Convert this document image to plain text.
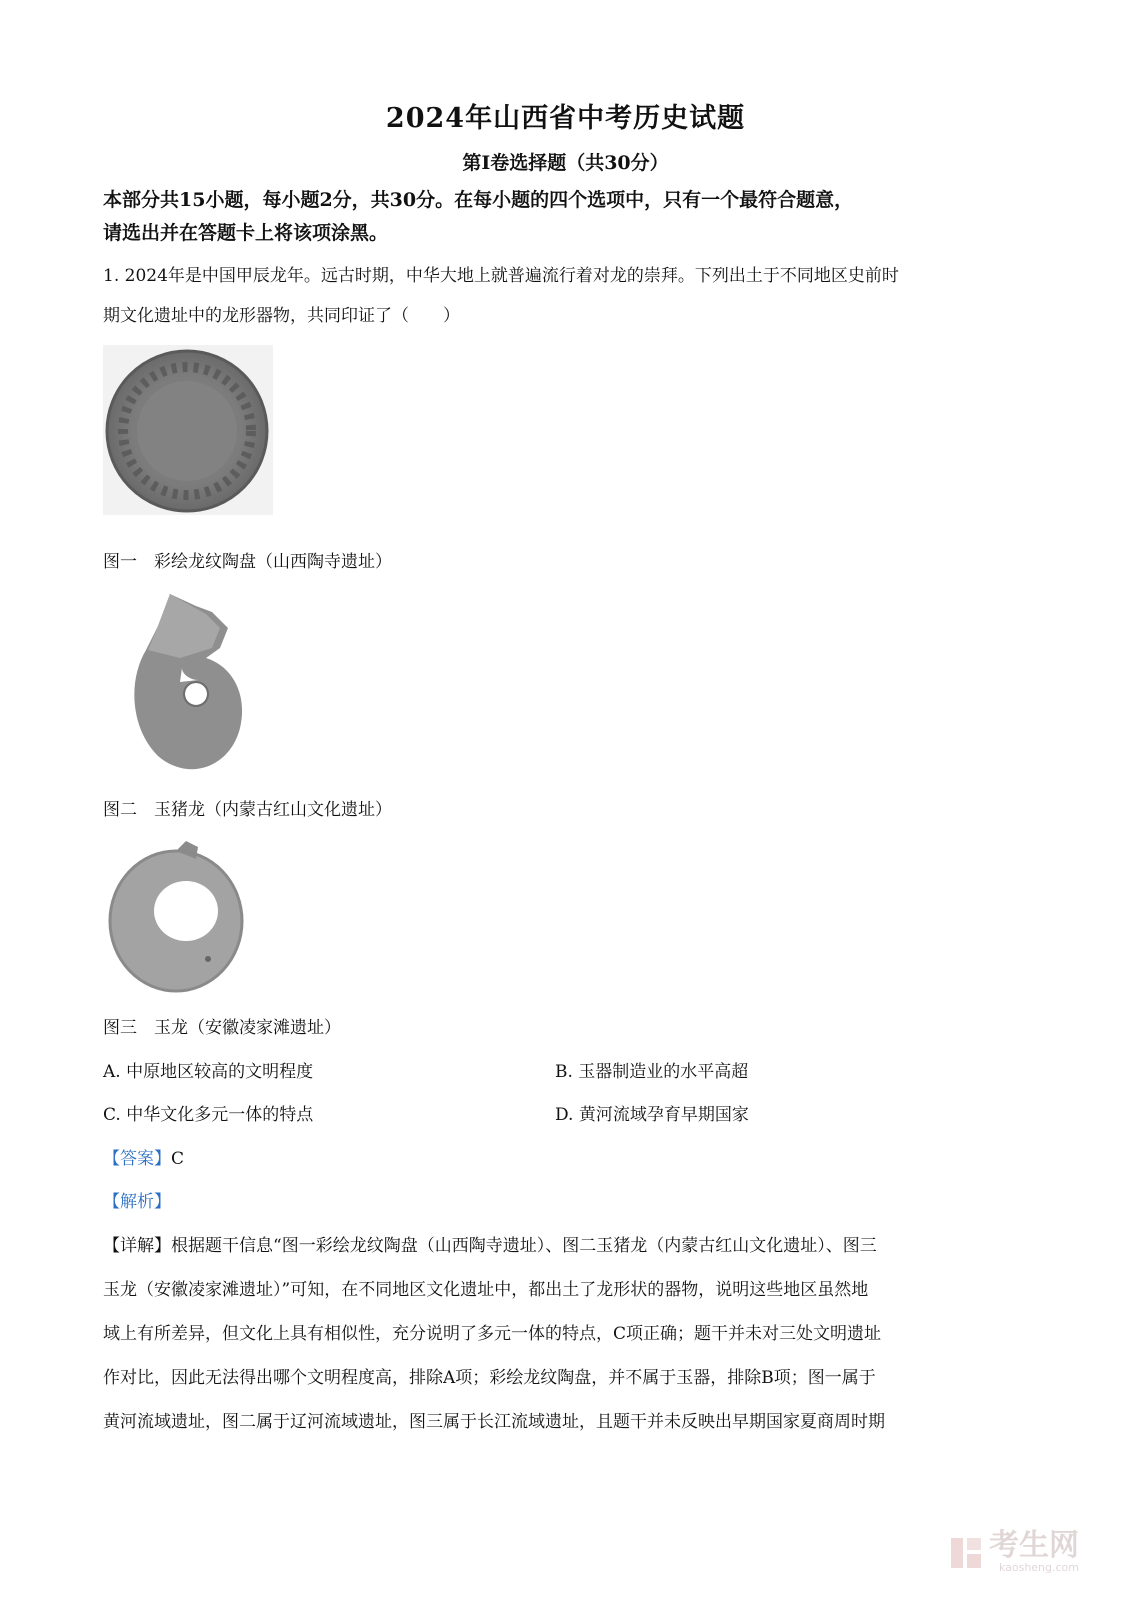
2024年山西省中考历史试题
第Ⅰ卷选择题（共30分）
本部分共15小题，每小题2分，共30分。在每小题的四个选项中，只有一个最符合题意，
请选出并在答题卡上将该项涂黑。
1. 2024年是中国甲辰龙年。远古时期，中华大地上就普遍流行着对龙的崇拜。下列出土于不同地区史前时
期文化遗址中的龙形器物，共同印证了（　　）
图一　彩绘龙纹陶盘（山西陶寺遗址）
图二　玉猪龙（内蒙古红山文化遗址）
图三　玉龙（安徽凌家滩遗址）
A. 中原地区较高的文明程度	B. 玉器制造业的水平高超
C. 中华文化多元一体的特点	D. 黄河流域孕育早期国家
【答案】C
【解析】
【详解】根据题干信息“图一彩绘龙纹陶盘（山西陶寺遗址）、图二玉猪龙（内蒙古红山文化遗址）、图三
玉龙（安徽凌家滩遗址）”可知，在不同地区文化遗址中，都出土了龙形状的器物，说明这些地区虽然地
域上有所差异，但文化上具有相似性，充分说明了多元一体的特点，C项正确；题干并未对三处文明遗址
作对比，因此无法得出哪个文明程度高，排除A项；彩绘龙纹陶盘，并不属于玉器，排除B项；图一属于
黄河流域遗址，图二属于辽河流域遗址，图三属于长江流域遗址，且题干并未反映出早期国家夏商周时期
考生网
kaosheng.com
